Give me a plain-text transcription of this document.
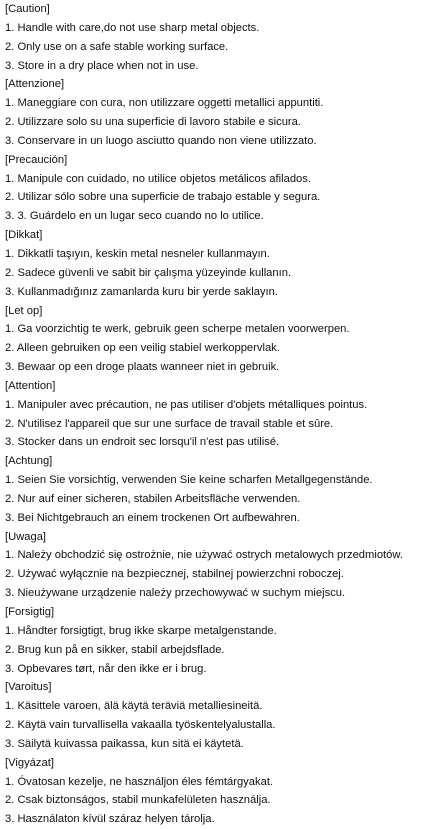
[Caution]
1. Handle with care,do not use sharp metal objects.
2. Only use on a safe stable working surface.
3. Store in a dry place when not in use.
[Attenzione]
1. Maneggiare con cura, non utilizzare oggetti metallici appuntiti.
2. Utilizzare solo su una superficie di lavoro stabile e sicura.
3. Conservare in un luogo asciutto quando non viene utilizzato.
[Precaución]
1. Manipule con cuidado, no utilice objetos metálicos afilados.
2. Utilizar sólo sobre una superficie de trabajo estable y segura.
3. 3. Guárdelo en un lugar seco cuando no lo utilice.
[Dikkat]
1. Dikkatli taşıyın, keskin metal nesneler kullanmayın.
2. Sadece güvenli ve sabit bir çalışma yüzeyinde kullanın.
3. Kullanmadığınız zamanlarda kuru bir yerde saklayın.
[Let op]
1. Ga voorzichtig te werk, gebruik geen scherpe metalen voorwerpen.
2. Alleen gebruiken op een veilig stabiel werkoppervlak.
3. Bewaar op een droge plaats wanneer niet in gebruik.
[Attention]
1. Manipuler avec précaution, ne pas utiliser d'objets métalliques pointus.
2. N'utilisez l'appareil que sur une surface de travail stable et sûre.
3. Stocker dans un endroit sec lorsqu'il n'est pas utilisé.
[Achtung]
1. Seien Sie vorsichtig, verwenden Sie keine scharfen Metallgegenstände.
2. Nur auf einer sicheren, stabilen Arbeitsfläche verwenden.
3. Bei Nichtgebrauch an einem trockenen Ort aufbewahren.
[Uwaga]
1. Należy obchodzić się ostrożnie, nie używać ostrych metalowych przedmiotów.
2. Używać wyłącznie na bezpiecznej, stabilnej powierzchni roboczej.
3. Nieużywane urządzenie należy przechowywać w suchym miejscu.
[Forsigtig]
1. Håndter forsigtigt, brug ikke skarpe metalgenstande.
2. Brug kun på en sikker, stabil arbejdsflade.
3. Opbevares tørt, når den ikke er i brug.
[Varoitus]
1. Käsittele varoen, älä käytä teräviä metalliesineitä.
2. Käytä vain turvallisella vakaalla työskentelyalustalla.
3. Säilytä kuivassa paikassa, kun sitä ei käytetä.
[Vigyázat]
1. Óvatosan kezelje, ne használjon éles fémtárgyakat.
2. Csak biztonságos, stabil munkafelületen használja.
3. Használaton kívül száraz helyen tárolja.
